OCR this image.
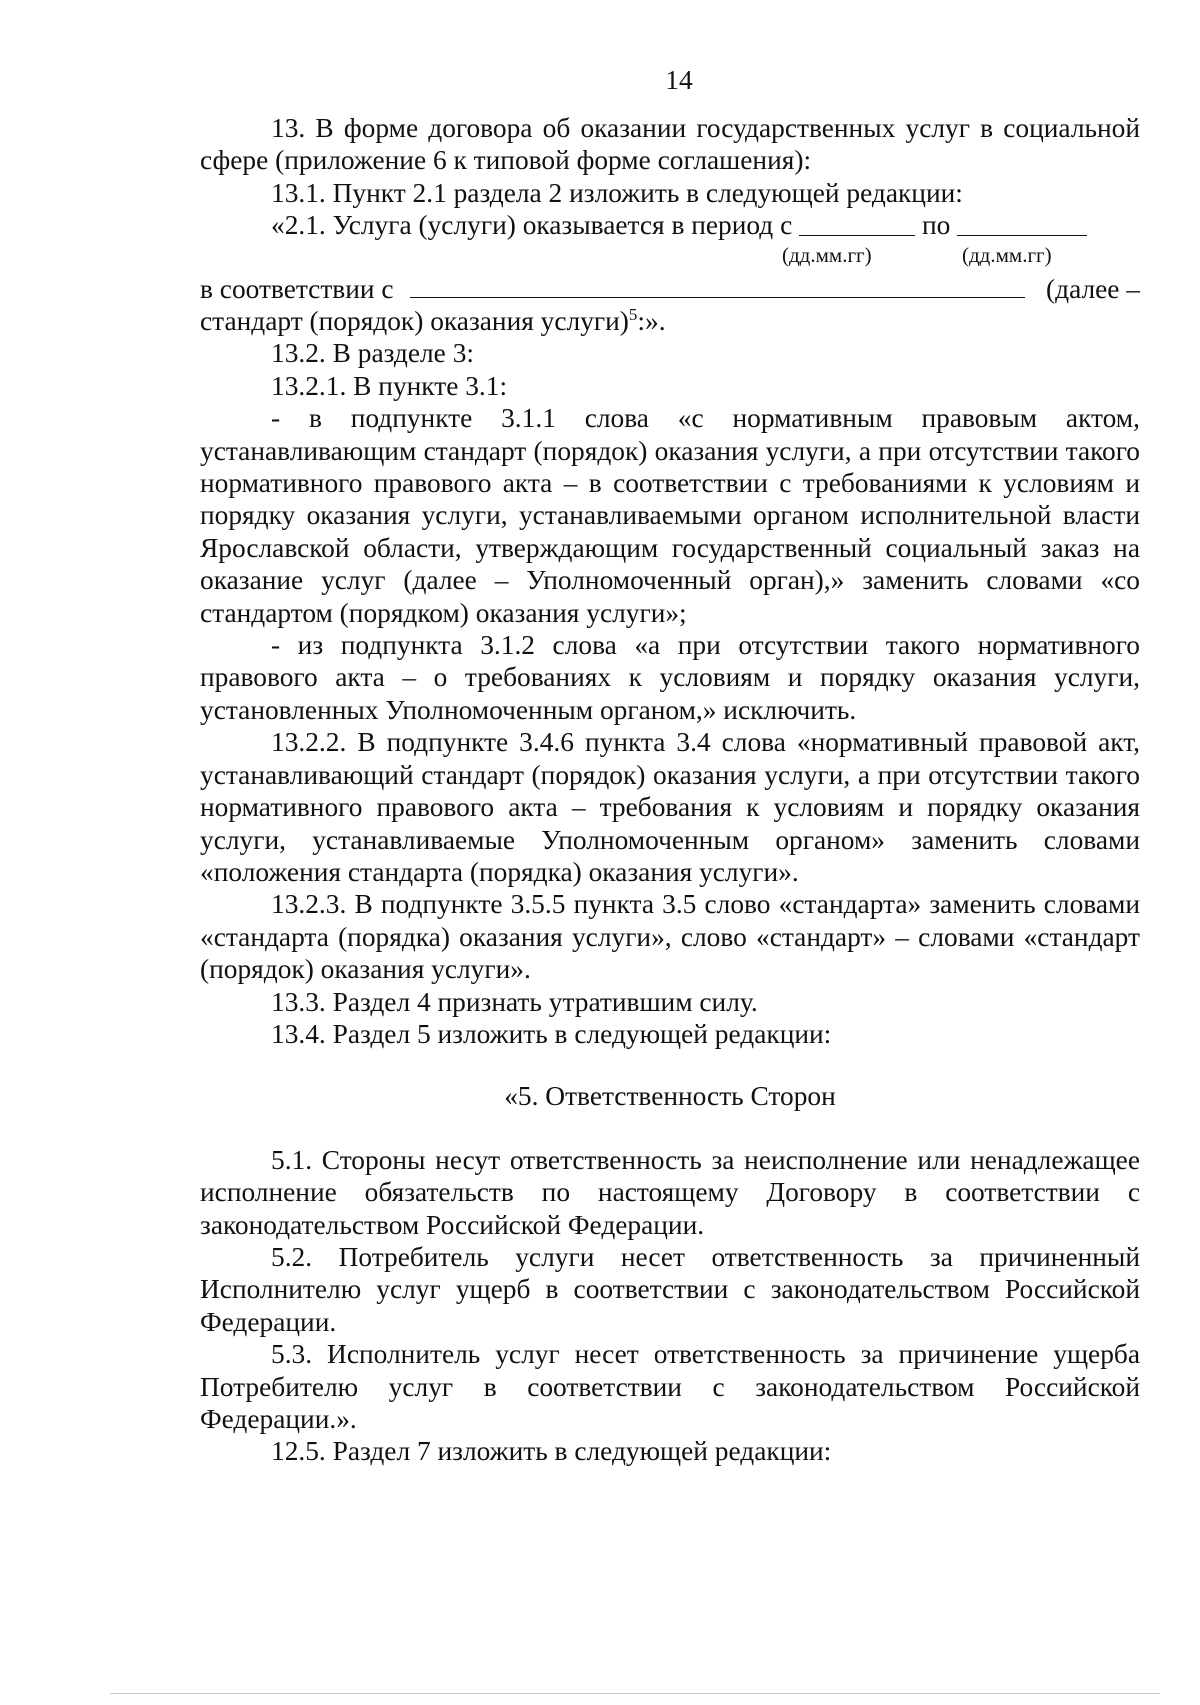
14

13. В форме договора об оказании государственных услуг в социальной сфере (приложение 6 к типовой форме соглашения):

13.1. Пункт 2.1 раздела 2 изложить в следующей редакции:

«2.1. Услуга (услуги) оказывается в период с	по
(дд.мм.гг)	(дд.мм.гг)
в соответствии с	(далее –

стандарт (порядок) оказания услуги)$^5$:».

13.2. В разделе 3:

13.2.1. В пункте 3.1:

- в подпункте 3.1.1 слова «с нормативным правовым актом, устанавливающим стандарт (порядок) оказания услуги, а при отсутствии такого нормативного правового акта – в соответствии с требованиями к условиям и порядку оказания услуги, устанавливаемыми органом исполнительной власти Ярославской области, утверждающим государственный социальный заказ на оказание услуг (далее – Уполномоченный орган),» заменить словами «со стандартом (порядком) оказания услуги»;

- из подпункта 3.1.2 слова «а при отсутствии такого нормативного правового акта – о требованиях к условиям и порядку оказания услуги, установленных Уполномоченным органом,» исключить.

13.2.2. В подпункте 3.4.6 пункта 3.4 слова «нормативный правовой акт, устанавливающий стандарт (порядок) оказания услуги, а при отсутствии такого нормативного правового акта – требования к условиям и порядку оказания услуги, устанавливаемые Уполномоченным органом» заменить словами «положения стандарта (порядка) оказания услуги».

13.2.3. В подпункте 3.5.5 пункта 3.5 слово «стандарта» заменить словами «стандарта (порядка) оказания услуги», слово «стандарт» – словами «стандарт (порядок) оказания услуги».

13.3. Раздел 4 признать утратившим силу.

13.4. Раздел 5 изложить в следующей редакции:

«5. Ответственность Сторон

5.1. Стороны несут ответственность за неисполнение или ненадлежащее исполнение обязательств по настоящему Договору в соответствии с законодательством Российской Федерации.

5.2. Потребитель услуги несет ответственность за причиненный Исполнителю услуг ущерб в соответствии с законодательством Российской Федерации.

5.3. Исполнитель услуг несет ответственность за причинение ущерба Потребителю услуг в соответствии с законодательством Российской Федерации.».

12.5. Раздел 7 изложить в следующей редакции:
